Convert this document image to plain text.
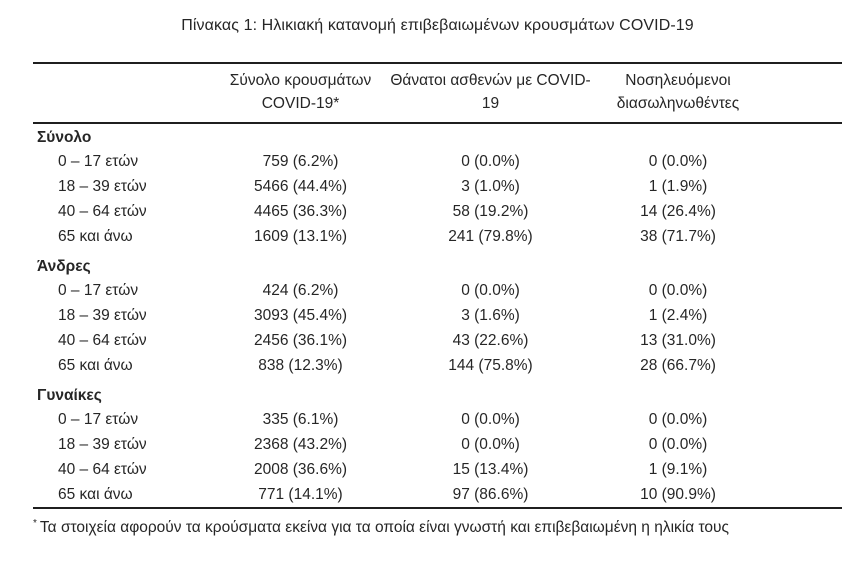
Πίνακας 1: Ηλικιακή κατανομή επιβεβαιωμένων κρουσμάτων COVID-19
	Σύνολο κρουσμάτων COVID-19*	Θάνατοι ασθενών με COVID-19	Νοσηλευόμενοι διασωληνωθέντες
Σύνολο			
0 – 17 ετών	759 (6.2%)	0 (0.0%)	0 (0.0%)
18 – 39 ετών	5466 (44.4%)	3 (1.0%)	1 (1.9%)
40 – 64 ετών	4465 (36.3%)	58 (19.2%)	14 (26.4%)
65 και άνω	1609 (13.1%)	241 (79.8%)	38 (71.7%)
Άνδρες			
0 – 17 ετών	424 (6.2%)	0 (0.0%)	0 (0.0%)
18 – 39 ετών	3093 (45.4%)	3 (1.6%)	1 (2.4%)
40 – 64 ετών	2456 (36.1%)	43 (22.6%)	13 (31.0%)
65 και άνω	838 (12.3%)	144 (75.8%)	28 (66.7%)
Γυναίκες			
0 – 17 ετών	335 (6.1%)	0 (0.0%)	0 (0.0%)
18 – 39 ετών	2368 (43.2%)	0 (0.0%)	0 (0.0%)
40 – 64 ετών	2008 (36.6%)	15 (13.4%)	1 (9.1%)
65 και άνω	771 (14.1%)	97 (86.6%)	10 (90.9%)
* Τα στοιχεία αφορούν τα κρούσματα εκείνα για τα οποία είναι γνωστή και επιβεβαιωμένη η ηλικία τους
